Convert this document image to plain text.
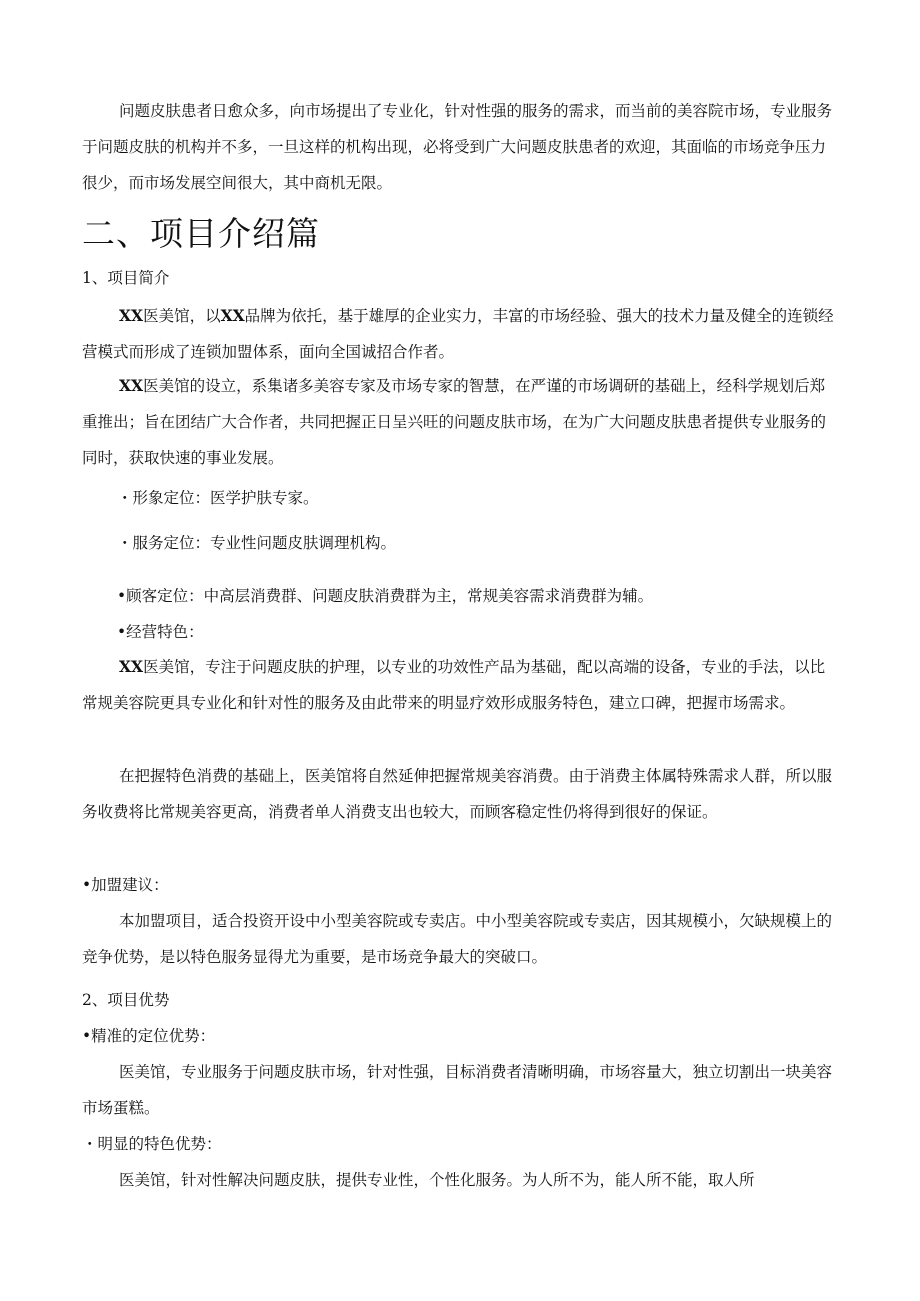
问题皮肤患者日愈众多，向市场提出了专业化，针对性强的服务的需求，而当前的美容院市场，专业服务于问题皮肤的机构并不多，一旦这样的机构出现，必将受到广大问题皮肤患者的欢迎，其面临的市场竞争压力很少，而市场发展空间很大，其中商机无限。

二、项目介绍篇

1、项目简介

XX医美馆，以XX品牌为依托，基于雄厚的企业实力，丰富的市场经验、强大的技术力量及健全的连锁经营模式而形成了连锁加盟体系，面向全国诚招合作者。

XX医美馆的设立，系集诸多美容专家及市场专家的智慧，在严谨的市场调研的基础上，经科学规划后郑重推出；旨在团结广大合作者，共同把握正日呈兴旺的问题皮肤市场，在为广大问题皮肤患者提供专业服务的同时，获取快速的事业发展。

・形象定位：医学护肤专家。

・服务定位：专业性问题皮肤调理机构。

•顾客定位：中高层消费群、问题皮肤消费群为主，常规美容需求消费群为辅。

•经营特色：

XX医美馆，专注于问题皮肤的护理，以专业的功效性产品为基础，配以高端的设备，专业的手法，以比常规美容院更具专业化和针对性的服务及由此带来的明显疗效形成服务特色，建立口碑，把握市场需求。

在把握特色消费的基础上，医美馆将自然延伸把握常规美容消费。由于消费主体属特殊需求人群，所以服务收费将比常规美容更高，消费者单人消费支出也较大，而顾客稳定性仍将得到很好的保证。

•加盟建议：

本加盟项目，适合投资开设中小型美容院或专卖店。中小型美容院或专卖店，因其规模小，欠缺规模上的竞争优势，是以特色服务显得尤为重要，是市场竞争最大的突破口。

2、项目优势

•精准的定位优势：

医美馆，专业服务于问题皮肤市场，针对性强，目标消费者清晰明确，市场容量大，独立切割出一块美容市场蛋糕。

・明显的特色优势：

医美馆，针对性解决问题皮肤，提供专业性，个性化服务。为人所不为，能人所不能，取人所
